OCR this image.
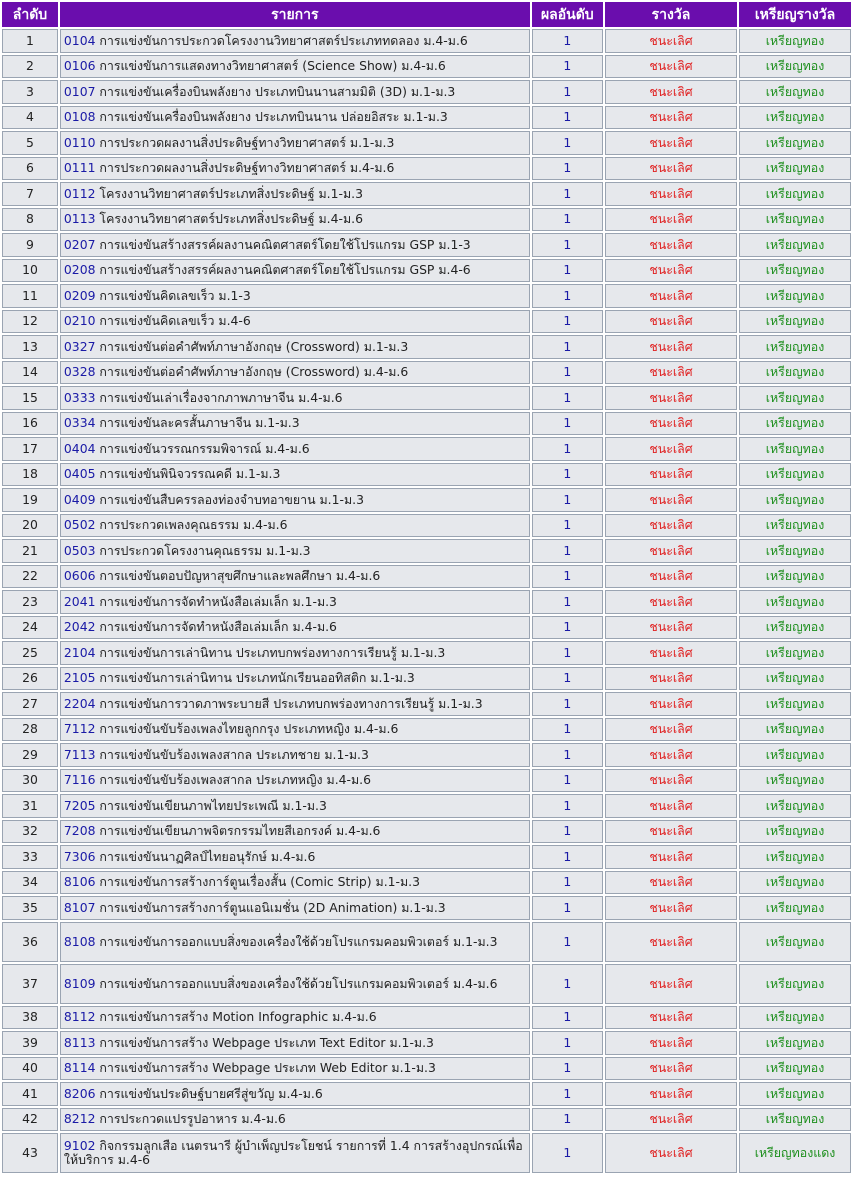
ลำดับ	รายการ	ผลอันดับ	รางวัล	เหรียญรางวัล
1	0104 การแข่งขันการประกวดโครงงานวิทยาศาสตร์ประเภททดลอง ม.4-ม.6	1	ชนะเลิศ	เหรียญทอง
2	0106 การแข่งขันการแสดงทางวิทยาศาสตร์ (Science Show) ม.4-ม.6	1	ชนะเลิศ	เหรียญทอง
3	0107 การแข่งขันเครื่องบินพลังยาง ประเภทบินนานสามมิติ (3D) ม.1-ม.3	1	ชนะเลิศ	เหรียญทอง
4	0108 การแข่งขันเครื่องบินพลังยาง ประเภทบินนาน ปล่อยอิสระ ม.1-ม.3	1	ชนะเลิศ	เหรียญทอง
5	0110 การประกวดผลงานสิ่งประดิษฐ์ทางวิทยาศาสตร์ ม.1-ม.3	1	ชนะเลิศ	เหรียญทอง
6	0111 การประกวดผลงานสิ่งประดิษฐ์ทางวิทยาศาสตร์ ม.4-ม.6	1	ชนะเลิศ	เหรียญทอง
7	0112 โครงงานวิทยาศาสตร์ประเภทสิ่งประดิษฐ์ ม.1-ม.3	1	ชนะเลิศ	เหรียญทอง
8	0113 โครงงานวิทยาศาสตร์ประเภทสิ่งประดิษฐ์ ม.4-ม.6	1	ชนะเลิศ	เหรียญทอง
9	0207 การแข่งขันสร้างสรรค์ผลงานคณิตศาสตร์โดยใช้โปรแกรม GSP ม.1-3	1	ชนะเลิศ	เหรียญทอง
10	0208 การแข่งขันสร้างสรรค์ผลงานคณิตศาสตร์โดยใช้โปรแกรม GSP ม.4-6	1	ชนะเลิศ	เหรียญทอง
11	0209 การแข่งขันคิดเลขเร็ว ม.1-3	1	ชนะเลิศ	เหรียญทอง
12	0210 การแข่งขันคิดเลขเร็ว ม.4-6	1	ชนะเลิศ	เหรียญทอง
13	0327 การแข่งขันต่อคำศัพท์ภาษาอังกฤษ (Crossword) ม.1-ม.3	1	ชนะเลิศ	เหรียญทอง
14	0328 การแข่งขันต่อคำศัพท์ภาษาอังกฤษ (Crossword) ม.4-ม.6	1	ชนะเลิศ	เหรียญทอง
15	0333 การแข่งขันเล่าเรื่องจากภาพภาษาจีน ม.4-ม.6	1	ชนะเลิศ	เหรียญทอง
16	0334 การแข่งขันละครสั้นภาษาจีน ม.1-ม.3	1	ชนะเลิศ	เหรียญทอง
17	0404 การแข่งขันวรรณกรรมพิจารณ์ ม.4-ม.6	1	ชนะเลิศ	เหรียญทอง
18	0405 การแข่งขันพินิจวรรณคดี ม.1-ม.3	1	ชนะเลิศ	เหรียญทอง
19	0409 การแข่งขันสืบครรลองท่องจำบทอาขยาน ม.1-ม.3	1	ชนะเลิศ	เหรียญทอง
20	0502 การประกวดเพลงคุณธรรม ม.4-ม.6	1	ชนะเลิศ	เหรียญทอง
21	0503 การประกวดโครงงานคุณธรรม ม.1-ม.3	1	ชนะเลิศ	เหรียญทอง
22	0606 การแข่งขันตอบปัญหาสุขศึกษาและพลศึกษา ม.4-ม.6	1	ชนะเลิศ	เหรียญทอง
23	2041 การแข่งขันการจัดทำหนังสือเล่มเล็ก ม.1-ม.3	1	ชนะเลิศ	เหรียญทอง
24	2042 การแข่งขันการจัดทำหนังสือเล่มเล็ก ม.4-ม.6	1	ชนะเลิศ	เหรียญทอง
25	2104 การแข่งขันการเล่านิทาน ประเภทบกพร่องทางการเรียนรู้ ม.1-ม.3	1	ชนะเลิศ	เหรียญทอง
26	2105 การแข่งขันการเล่านิทาน ประเภทนักเรียนออทิสติก ม.1-ม.3	1	ชนะเลิศ	เหรียญทอง
27	2204 การแข่งขันการวาดภาพระบายสี ประเภทบกพร่องทางการเรียนรู้ ม.1-ม.3	1	ชนะเลิศ	เหรียญทอง
28	7112 การแข่งขันขับร้องเพลงไทยลูกกรุง ประเภทหญิง ม.4-ม.6	1	ชนะเลิศ	เหรียญทอง
29	7113 การแข่งขันขับร้องเพลงสากล ประเภทชาย ม.1-ม.3	1	ชนะเลิศ	เหรียญทอง
30	7116 การแข่งขันขับร้องเพลงสากล ประเภทหญิง ม.4-ม.6	1	ชนะเลิศ	เหรียญทอง
31	7205 การแข่งขันเขียนภาพไทยประเพณี ม.1-ม.3	1	ชนะเลิศ	เหรียญทอง
32	7208 การแข่งขันเขียนภาพจิตรกรรมไทยสีเอกรงค์ ม.4-ม.6	1	ชนะเลิศ	เหรียญทอง
33	7306 การแข่งขันนาฏศิลป์ไทยอนุรักษ์ ม.4-ม.6	1	ชนะเลิศ	เหรียญทอง
34	8106 การแข่งขันการสร้างการ์ตูนเรื่องสั้น (Comic Strip) ม.1-ม.3	1	ชนะเลิศ	เหรียญทอง
35	8107 การแข่งขันการสร้างการ์ตูนแอนิเมชั่น (2D Animation) ม.1-ม.3	1	ชนะเลิศ	เหรียญทอง
36	8108 การแข่งขันการออกแบบสิ่งของเครื่องใช้ด้วยโปรแกรมคอมพิวเตอร์ ม.1-ม.3	1	ชนะเลิศ	เหรียญทอง
37	8109 การแข่งขันการออกแบบสิ่งของเครื่องใช้ด้วยโปรแกรมคอมพิวเตอร์ ม.4-ม.6	1	ชนะเลิศ	เหรียญทอง
38	8112 การแข่งขันการสร้าง Motion Infographic ม.4-ม.6	1	ชนะเลิศ	เหรียญทอง
39	8113 การแข่งขันการสร้าง Webpage ประเภท Text Editor ม.1-ม.3	1	ชนะเลิศ	เหรียญทอง
40	8114 การแข่งขันการสร้าง Webpage ประเภท Web Editor ม.1-ม.3	1	ชนะเลิศ	เหรียญทอง
41	8206 การแข่งขันประดิษฐ์บายศรีสู่ขวัญ ม.4-ม.6	1	ชนะเลิศ	เหรียญทอง
42	8212 การประกวดแปรรูปอาหาร ม.4-ม.6	1	ชนะเลิศ	เหรียญทอง
43	9102 กิจกรรมลูกเสือ เนตรนารี ผู้บำเพ็ญประโยชน์ รายการที่ 1.4 การสร้างอุปกรณ์เพื่อให้บริการ ม.4-6	1	ชนะเลิศ	เหรียญทองแดง
